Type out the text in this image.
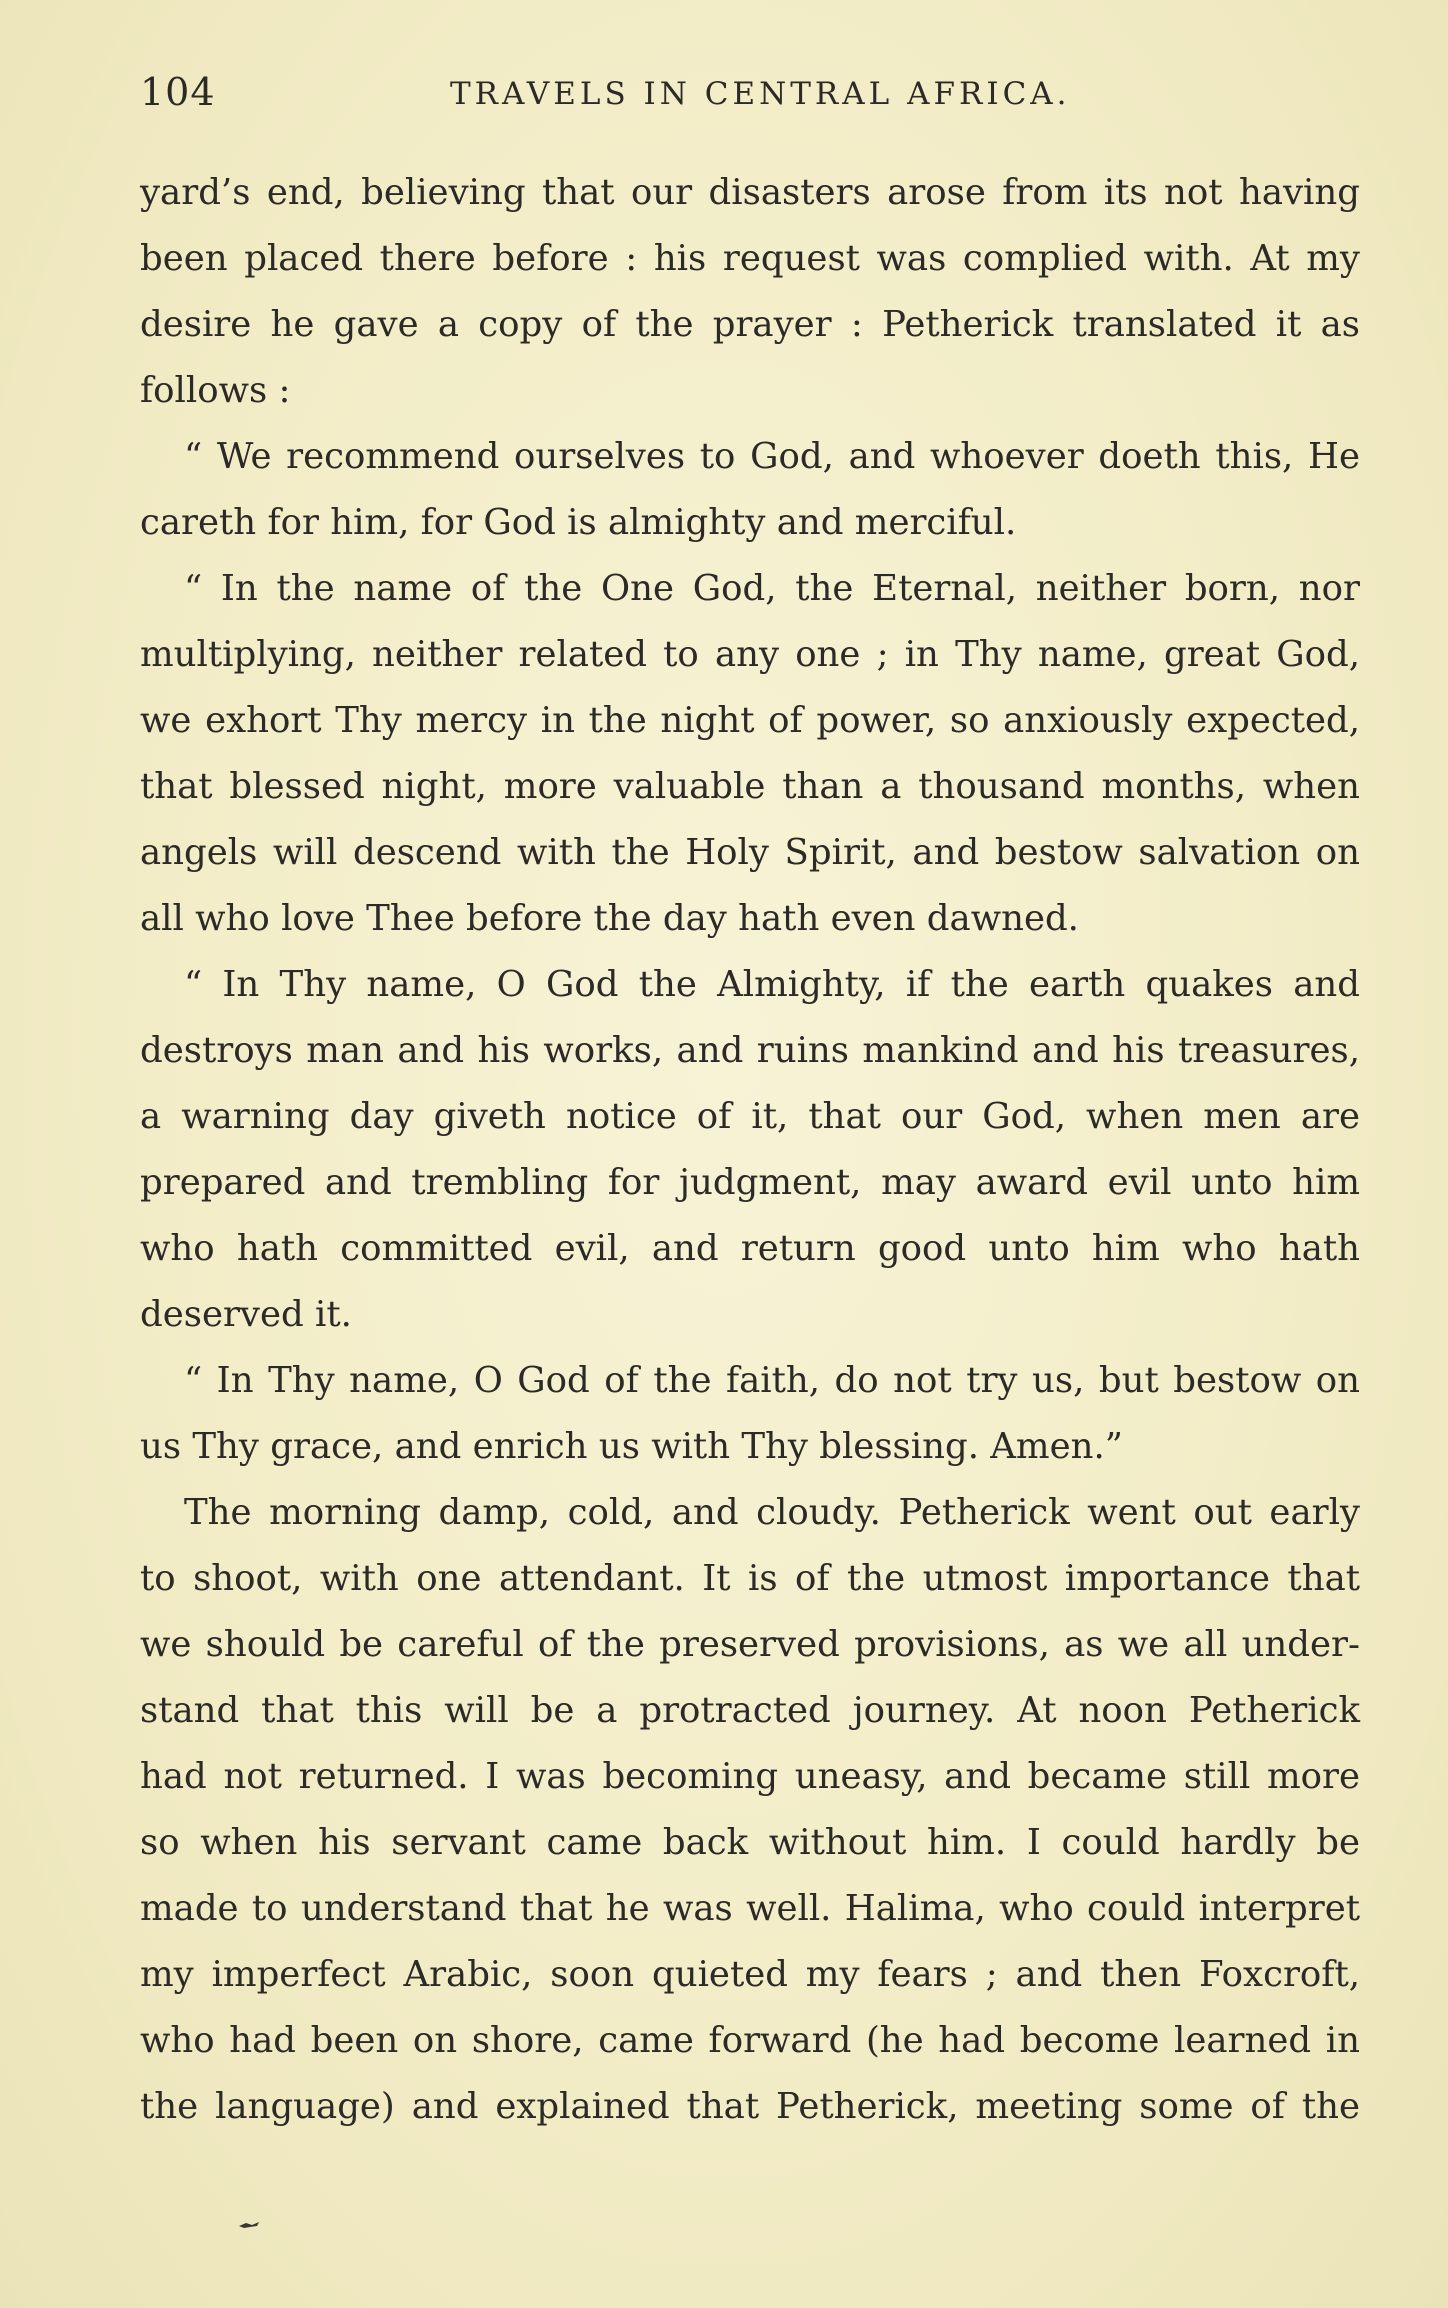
104	TRAVELS IN CENTRAL AFRICA.
yard’s end, believing that our disasters arose from its not having
been placed there before : his request was complied with. At my
desire he gave a copy of the prayer : Petherick translated it as
follows :
“ We recommend ourselves to God, and whoever doeth this, He
careth for him, for God is almighty and merciful.
“ In the name of the One God, the Eternal, neither born, nor
multiplying, neither related to any one ; in Thy name, great God,
we exhort Thy mercy in the night of power, so anxiously expected,
that blessed night, more valuable than a thousand months, when
angels will descend with the Holy Spirit, and bestow salvation on
all who love Thee before the day hath even dawned.
“ In Thy name, O God the Almighty, if the earth quakes and
destroys man and his works, and ruins mankind and his treasures,
a warning day giveth notice of it, that our God, when men are
prepared and trembling for judgment, may award evil unto him
who hath committed evil, and return good unto him who hath
deserved it.
“ In Thy name, O God of the faith, do not try us, but bestow on
us Thy grace, and enrich us with Thy blessing. Amen.”
The morning damp, cold, and cloudy. Petherick went out early
to shoot, with one attendant. It is of the utmost importance that
we should be careful of the preserved provisions, as we all under-
stand that this will be a protracted journey. At noon Petherick
had not returned. I was becoming uneasy, and became still more
so when his servant came back without him. I could hardly be
made to understand that he was well. Halima, who could interpret
my imperfect Arabic, soon quieted my fears ; and then Foxcroft,
who had been on shore, came forward (he had become learned in
the language) and explained that Petherick, meeting some of the
